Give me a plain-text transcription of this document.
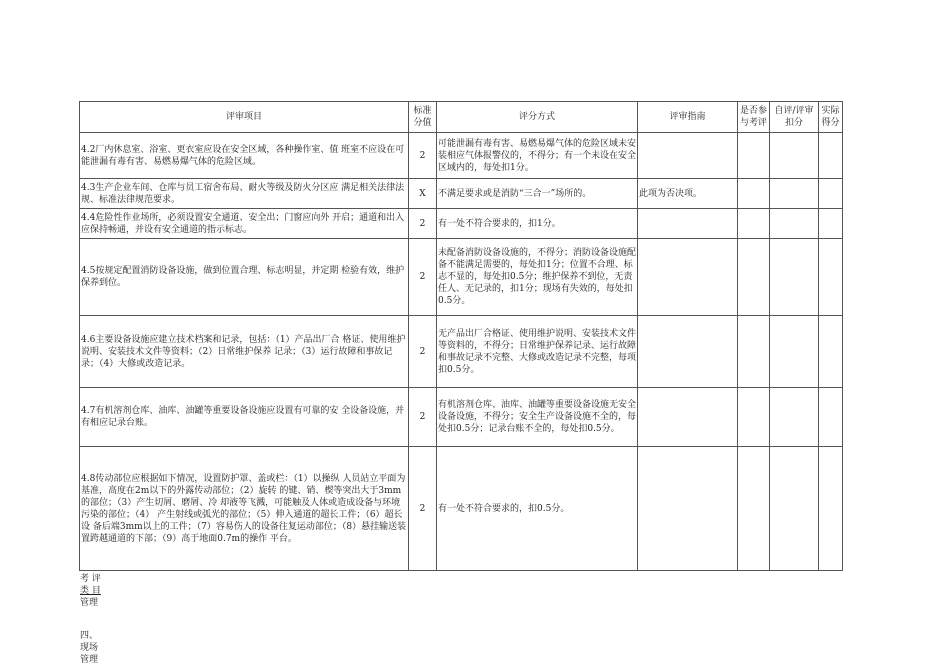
评审项目	标准分值	评分方式	评审指南	是否参与考评	自评/评审扣分	实际得分
4.2厂内休息室、浴室、更衣室应设在安全区域，各种操作室、值 班室不应设在可能泄漏有毒有害、易燃易爆气体的危险区域。	2	可能泄漏有毒有害、易燃易爆气体的危险区域未安装相应气体报警仪的，不得分；有一个未设在安全区域内的，每处扣1分。				
4.3生产企业车间、仓库与员工宿舍布局、耐火等级及防火分区应 满足相关法律法规、标准法律规范要求。	X	不满足要求或是消防“三合一”场所的。	此项为否决项。			
4.4危险性作业场所，必须设置安全通道、安全出；门窗应向外 开启；通道和出入应保持畅通，并设有安全通道的指示标志。	2	有一处不符合要求的，扣1分。				
4.5按规定配置消防设备设施，做到位置合理、标志明显，并定期 检验有效，维护保养到位。	2	未配备消防设备设施的，不得分；消防设备设施配备不能满足需要的，每处扣1分；位置不合理、标志不显的，每处扣0.5分；维护保养不到位，无责任人、无记录的，扣1分；现场有失效的，每处扣0.5分。				
4.6主要设备设施应建立技术档案和记录，包括：（1）产品出厂合 格证、使用维护说明、安装技术文件等资料；（2）日常维护保养 记录；（3）运行故障和事故记录；（4）大修或改造记录。	2	无产品出厂合格证、使用维护说明、安装技术文件等资料的，不得分；日常维护保养记录、运行故障和事故记录不完整、大修或改造记录不完整，每项扣0.5分。				
4.7有机溶剂仓库、油库、油罐等重要设备设施应设置有可靠的安 全设备设施，并有相应记录台账。	2	有机溶剂仓库、油库、油罐等重要设备设施无安全设备设施，不得分；安全生产设备设施不全的，每处扣0.5分；记录台账不全的，每处扣0.5分。				
4.8传动部位应根据如下情况，设置防护罩、盖或栏：（1）以操纵 人员站立平面为基准，高度在2m以下的外露传动部位；（2）旋转 的键、销、楔等突出大于3mm的部位；（3）产生切屑、磨屑、冷 却液等飞溅，可能触及人体或造成设备与环境污染的部位；（4） 产生射线或弧光的部位；（5）伸入通道的超长工件；（6）超长设 备后端3mm以上的工件；（7）容易伤人的设备往复运动部位；（8）悬挂输送装置跨越通道的下部；（9）高于地面0.7m的操作 平台。	2	有一处不符合要求的，扣0.5分。				
考 评
类 目
管理
四、
现场
管理
